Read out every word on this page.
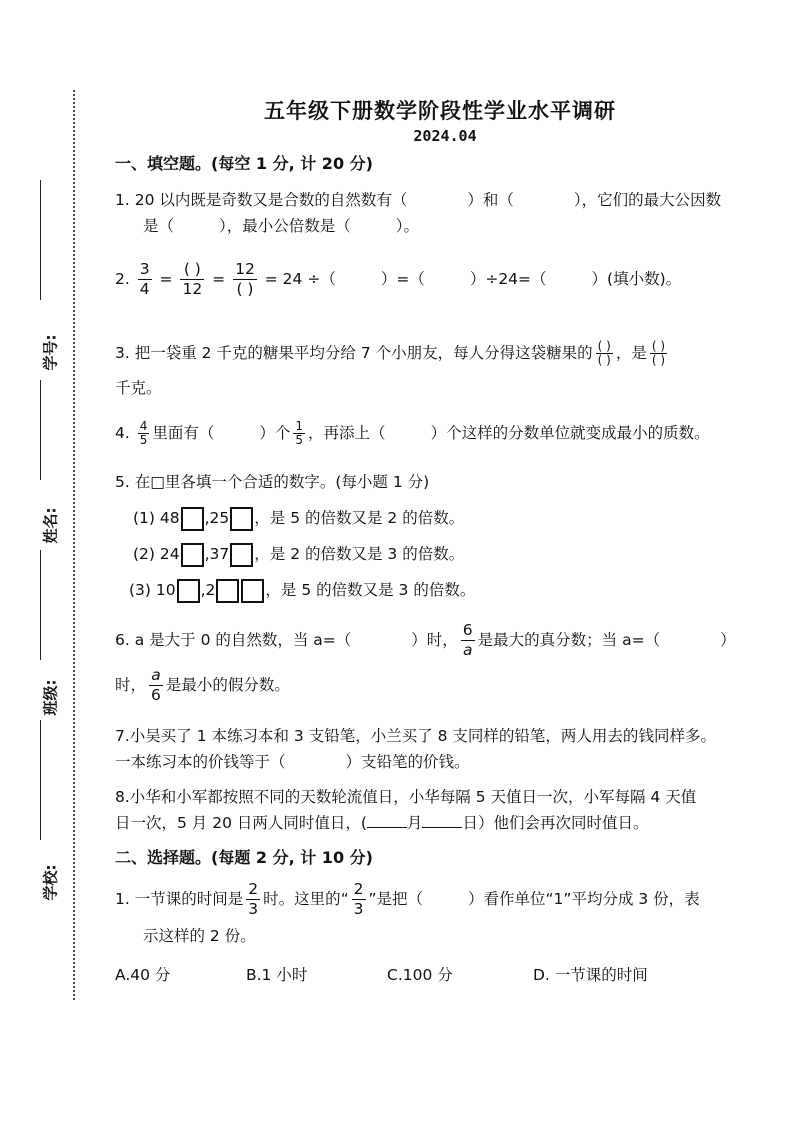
学号:
姓名:
班级:
学校:
五年级下册数学阶段性学业水平调研
2024.04
一、填空题。(每空 1 分, 计 20 分)
1. 20 以内既是奇数又是合数的自然数有（	）和（	），它们的最大公因数
是（	），最小公倍数是（	）。
2. $\frac{3}{4} = \frac{( )}{12} = \frac{12}{( )} = 24$ ÷（	）=（	）÷24=（	）(填小数)。
3. 把一袋重 2 千克的糖果平均分给 7 个小朋友，每人分得这袋糖果的 $\frac{( )}{( )}$ ，是 $\frac{( )}{( )}$
千克。
4. $\frac{4}{5}$ 里面有（	）个 $\frac{1}{5}$ ，再添上（	）个这样的分数单位就变成最小的质数。
5. 在□里各填一个合适的数字。(每小题 1 分)
(1) 48 ,25 ，是 5 的倍数又是 2 的倍数。
(2) 24 ,37 ，是 2 的倍数又是 3 的倍数。
(3) 10 ,2	，是 5 的倍数又是 3 的倍数。
6. a 是大于 0 的自然数，当 a=（	）时， $\frac{6}{a}$ 是最大的真分数；当 a=（	）
时， $\frac{a}{6}$ 是最小的假分数。
7.小吴买了 1 本练习本和 3 支铅笔，小兰买了 8 支同样的铅笔，两人用去的钱同样多。
一本练习本的价钱等于（	）支铅笔的价钱。
8.小华和小军都按照不同的天数轮流值日，小华每隔 5 天值日一次，小军每隔 4 天值
日一次，5 月 20 日两人同时值日，(	月	日）他们会再次同时值日。
二、选择题。(每题 2 分, 计 10 分)
1. 一节课的时间是 $\frac{2}{3}$ 时。这里的“ $\frac{2}{3}$ ”是把（	）看作单位“1”平均分成 3 份，表
示这样的 2 份。
A.40 分	B.1 小时	C.100 分	D. 一节课的时间
